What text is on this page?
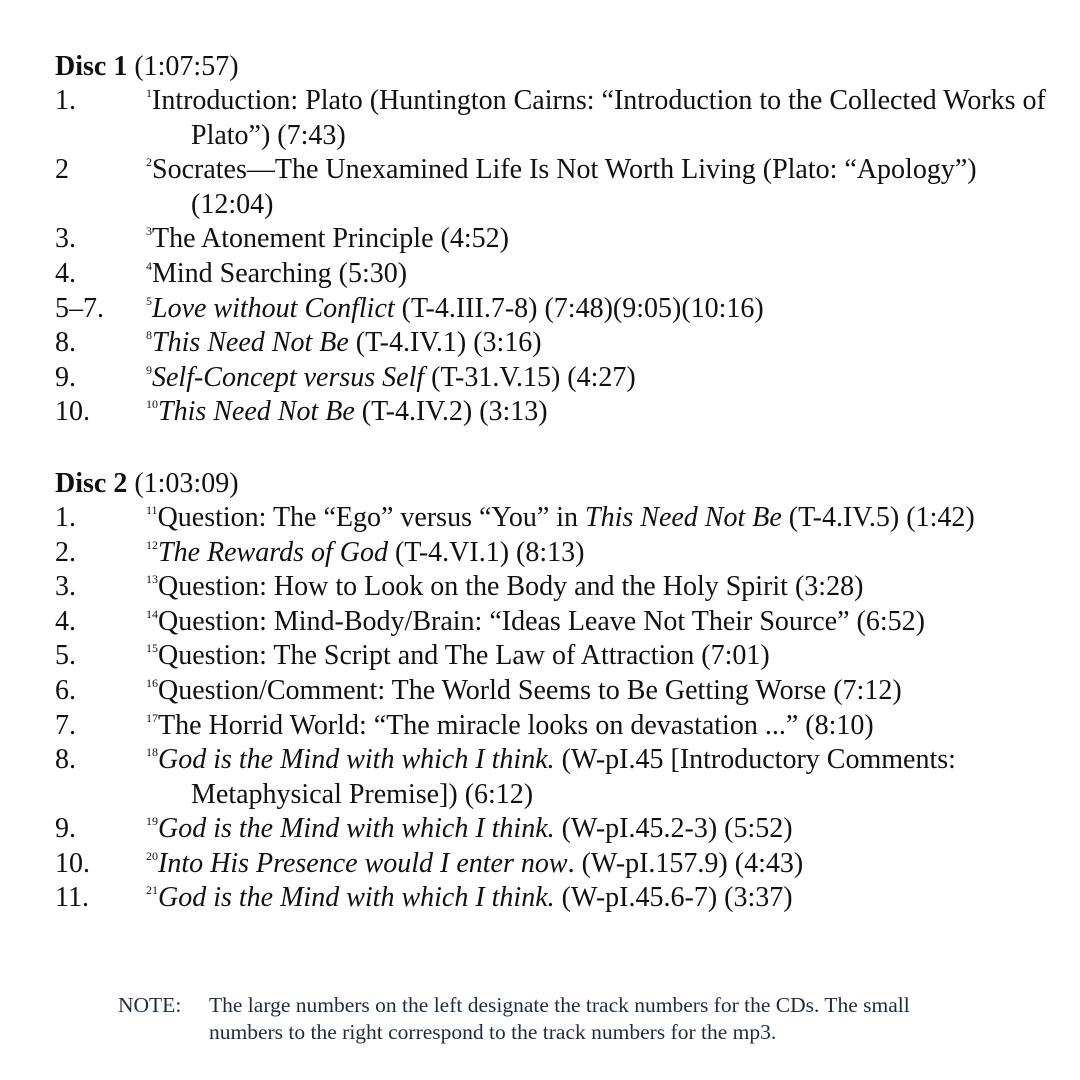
Disc 1 (1:07:57)
1.	$^1$Introduction: Plato (Huntington Cairns: “Introduction to the Collected Works of Plato”) (7:43)
2	$^2$Socrates—The Unexamined Life Is Not Worth Living (Plato: “Apology”) (12:04)
3.	$^3$The Atonement Principle (4:52)
4.	$^4$Mind Searching (5:30)
5–7.	$^5$Love without Conflict (T-4.III.7-8) (7:48)(9:05)(10:16)
8.	$^8$This Need Not Be (T-4.IV.1) (3:16)
9.	$^9$Self-Concept versus Self (T-31.V.15) (4:27)
10.	$^{10}$This Need Not Be (T-4.IV.2) (3:13)
Disc 2 (1:03:09)
1.	$^{11}$Question: The “Ego” versus “You” in This Need Not Be (T-4.IV.5) (1:42)
2.	$^{12}$The Rewards of God (T-4.VI.1) (8:13)
3.	$^{13}$Question: How to Look on the Body and the Holy Spirit (3:28)
4.	$^{14}$Question: Mind-Body/Brain: “Ideas Leave Not Their Source” (6:52)
5.	$^{15}$Question: The Script and The Law of Attraction (7:01)
6.	$^{16}$Question/Comment: The World Seems to Be Getting Worse (7:12)
7.	$^{17}$The Horrid World: “The miracle looks on devastation ...” (8:10)
8.	$^{18}$God is the Mind with which I think. (W-pI.45 [Introductory Comments: Metaphysical Premise]) (6:12)
9.	$^{19}$God is the Mind with which I think. (W-pI.45.2-3) (5:52)
10.	$^{20}$Into His Presence would I enter now. (W-pI.157.9) (4:43)
11.	$^{21}$God is the Mind with which I think. (W-pI.45.6-7) (3:37)
NOTE: The large numbers on the left designate the track numbers for the CDs. The small numbers to the right correspond to the track numbers for the mp3.
